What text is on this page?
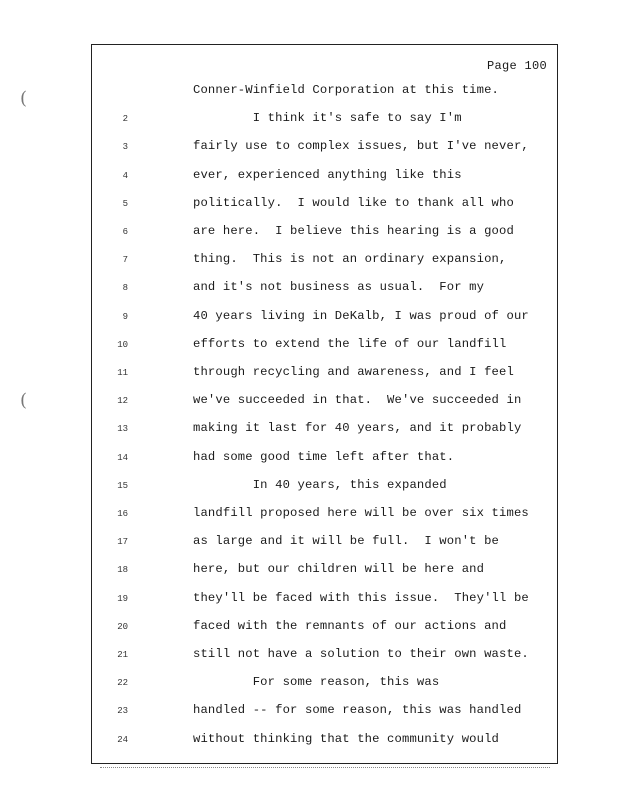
Page 100
Conner-Winfield Corporation at this time.
2	I think it's safe to say I'm
3	fairly use to complex issues, but I've never,
4	ever, experienced anything like this
5	politically.  I would like to thank all who
6	are here.  I believe this hearing is a good
7	thing.  This is not an ordinary expansion,
8	and it's not business as usual.  For my
9	40 years living in DeKalb, I was proud of our
10	efforts to extend the life of our landfill
11	through recycling and awareness, and I feel
12	we've succeeded in that.  We've succeeded in
13	making it last for 40 years, and it probably
14	had some good time left after that.
15	In 40 years, this expanded
16	landfill proposed here will be over six times
17	as large and it will be full.  I won't be
18	here, but our children will be here and
19	they'll be faced with this issue.  They'll be
20	faced with the remnants of our actions and
21	still not have a solution to their own waste.
22	For some reason, this was
23	handled -- for some reason, this was handled
24	without thinking that the community would
(
(
